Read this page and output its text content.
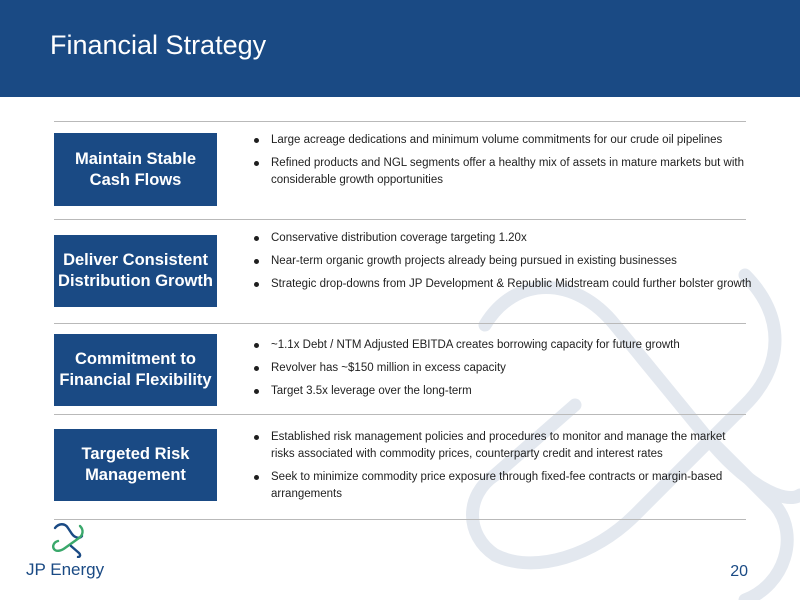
Financial Strategy
Maintain Stable Cash Flows
Large acreage dedications and minimum volume commitments for our crude oil pipelines
Refined products and NGL segments offer a healthy mix of assets in mature markets but with considerable growth opportunities
Deliver Consistent Distribution Growth
Conservative distribution coverage targeting 1.20x
Near-term organic growth projects already being pursued in existing businesses
Strategic drop-downs from JP Development & Republic Midstream could further bolster growth
Commitment to Financial Flexibility
~1.1x Debt / NTM Adjusted EBITDA creates borrowing capacity for future growth
Revolver has ~$150 million in excess capacity
Target 3.5x leverage over the long-term
Targeted Risk Management
Established risk management policies and procedures to monitor and manage the market risks associated with commodity prices, counterparty credit and interest rates
Seek to minimize commodity price exposure through fixed-fee contracts or margin-based arrangements
JP Energy	20
